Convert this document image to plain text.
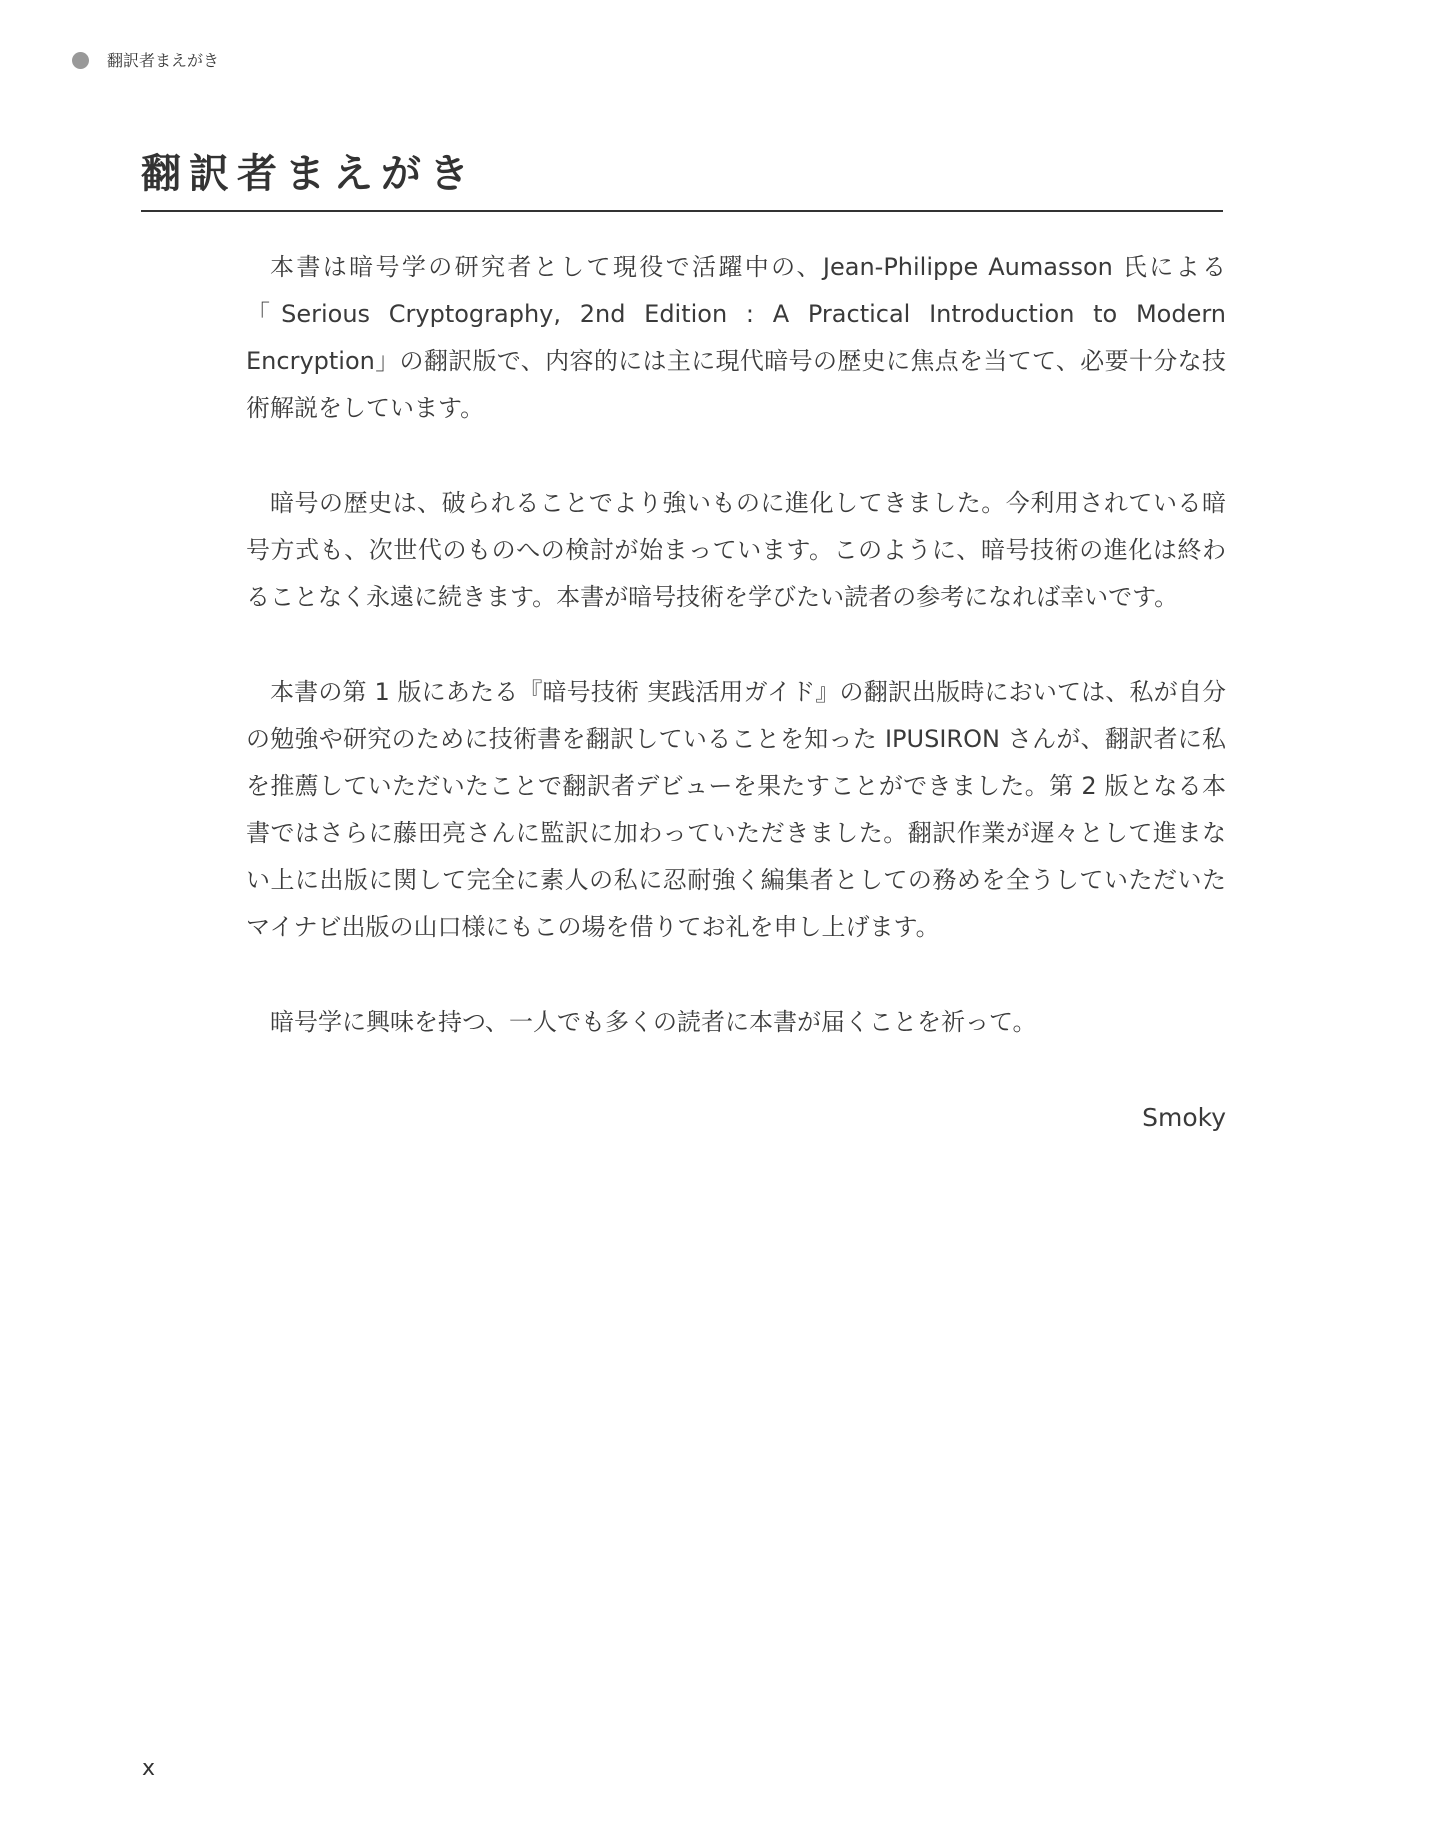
翻訳者まえがき
翻訳者まえがき

本書は暗号学の研究者として現役で活躍中の、Jean-Philippe Aumasson 氏による「Serious Cryptography, 2nd Edition : A Practical Introduction to Modern Encryption」の翻訳版で、内容的には主に現代暗号の歴史に焦点を当てて、必要十分な技術解説をしています。

暗号の歴史は、破られることでより強いものに進化してきました。今利用されている暗号方式も、次世代のものへの検討が始まっています。このように、暗号技術の進化は終わることなく永遠に続きます。本書が暗号技術を学びたい読者の参考になれば幸いです。

本書の第 1 版にあたる『暗号技術 実践活用ガイド』の翻訳出版時においては、私が自分の勉強や研究のために技術書を翻訳していることを知った IPUSIRON さんが、翻訳者に私を推薦していただいたことで翻訳者デビューを果たすことができました。第 2 版となる本書ではさらに藤田亮さんに監訳に加わっていただきました。翻訳作業が遅々として進まない上に出版に関して完全に素人の私に忍耐強く編集者としての務めを全うしていただいたマイナビ出版の山口様にもこの場を借りてお礼を申し上げます。

暗号学に興味を持つ、一人でも多くの読者に本書が届くことを祈って。

Smoky
x
